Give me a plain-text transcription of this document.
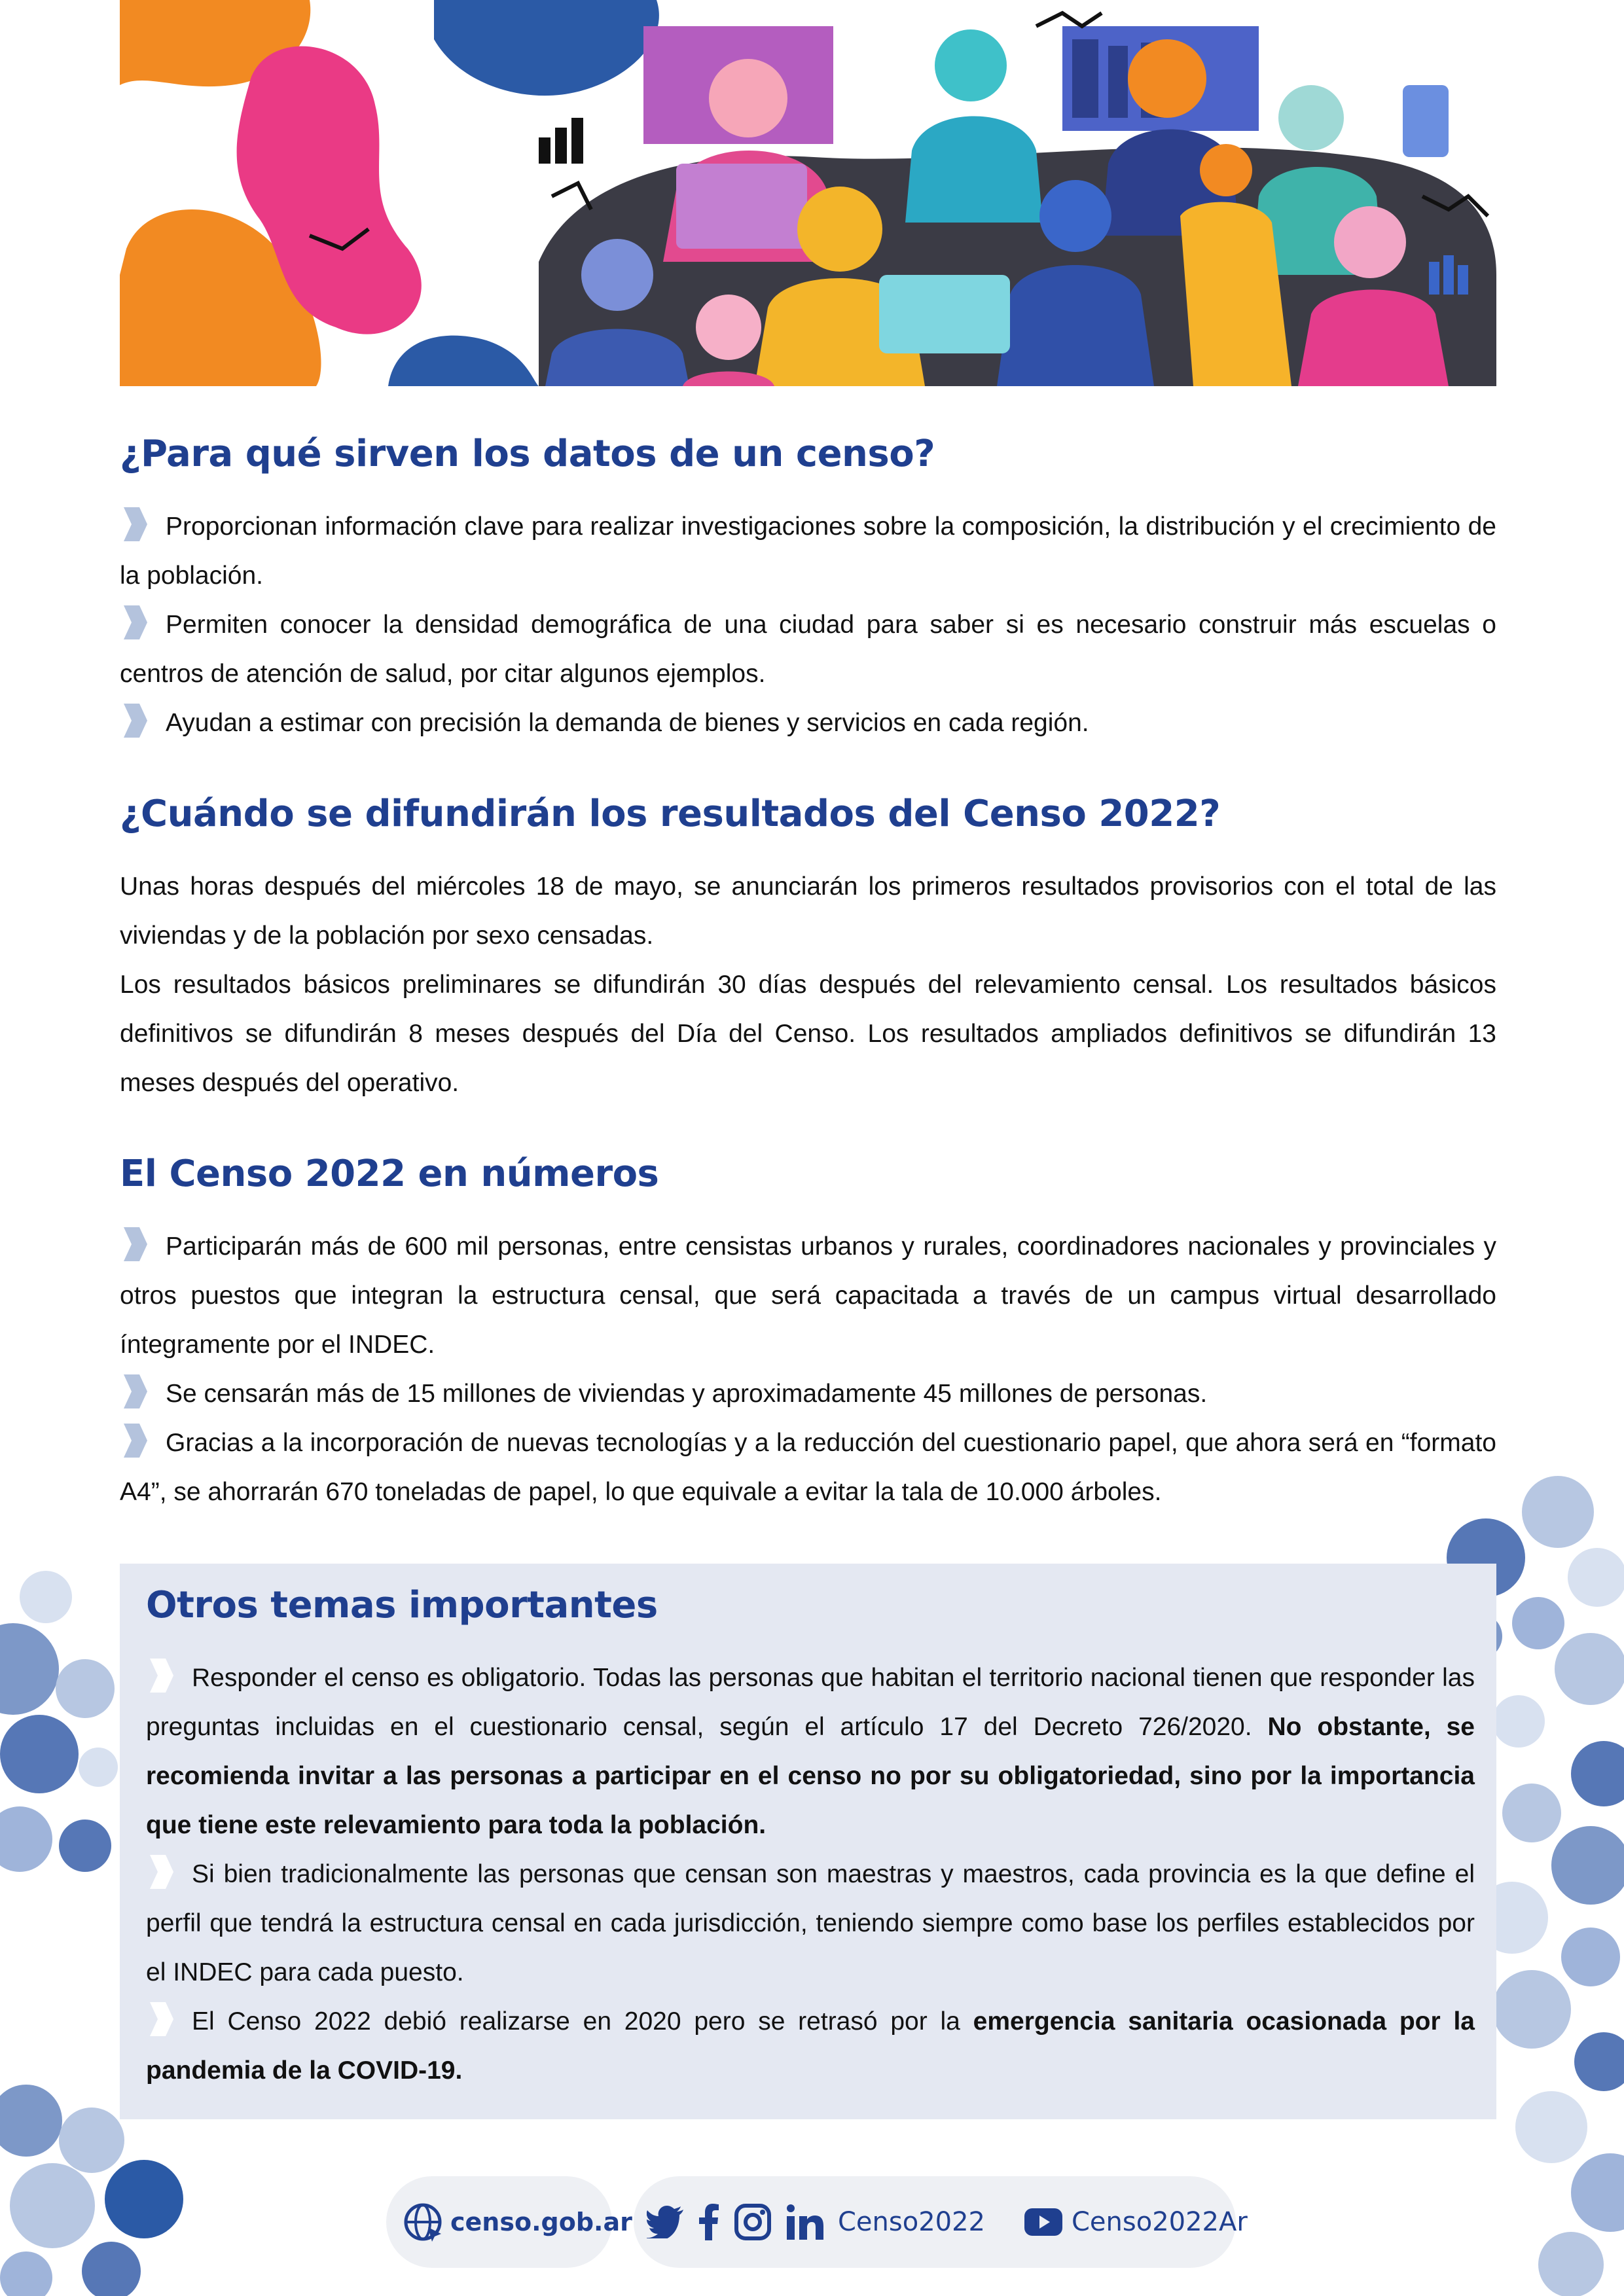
¿Para qué sirven los datos de un censo?

Proporcionan información clave para realizar investigaciones sobre la composición, la distribución y el crecimiento de la población.

Permiten conocer la densidad demográfica de una ciudad para saber si es necesario construir más escuelas o centros de atención de salud, por citar algunos ejemplos.

Ayudan a estimar con precisión la demanda de bienes y servicios en cada región.

¿Cuándo se difundirán los resultados del Censo 2022?

Unas horas después del miércoles 18 de mayo, se anunciarán los primeros resultados provisorios con el total de las viviendas y de la población por sexo censadas.

Los resultados básicos preliminares se difundirán 30 días después del relevamiento censal. Los resultados básicos definitivos se difundirán 8 meses después del Día del Censo. Los resultados ampliados definitivos se difundirán 13 meses después del operativo.

El Censo 2022 en números

Participarán más de 600 mil personas, entre censistas urbanos y rurales, coordinadores nacionales y provinciales y otros puestos que integran la estructura censal, que será capacitada a través de un campus virtual desarrollado íntegramente por el INDEC.

Se censarán más de 15 millones de viviendas y aproximadamente 45 millones de personas.

Gracias a la incorporación de nuevas tecnologías y a la reducción del cuestionario papel, que ahora será en “formato A4”, se ahorrarán 670 toneladas de papel, lo que equivale a evitar la tala de 10.000 árboles.

Otros temas importantes

Responder el censo es obligatorio. Todas las personas que habitan el territorio nacional tienen que responder las preguntas incluidas en el cuestionario censal, según el artículo 17 del Decreto 726/2020. No obstante, se recomienda invitar a las personas a participar en el censo no por su obligatoriedad, sino por la importancia que tiene este relevamiento para toda la población.

Si bien tradicionalmente las personas que censan son maestras y maestros, cada provincia es la que define el perfil que tendrá la estructura censal en cada jurisdicción, teniendo siempre como base los perfiles establecidos por el INDEC para cada puesto.

El Censo 2022 debió realizarse en 2020 pero se retrasó por la emergencia sanitaria ocasionada por la pandemia de la COVID-19.

censo.gob.ar	Censo2022	Censo2022Ar
